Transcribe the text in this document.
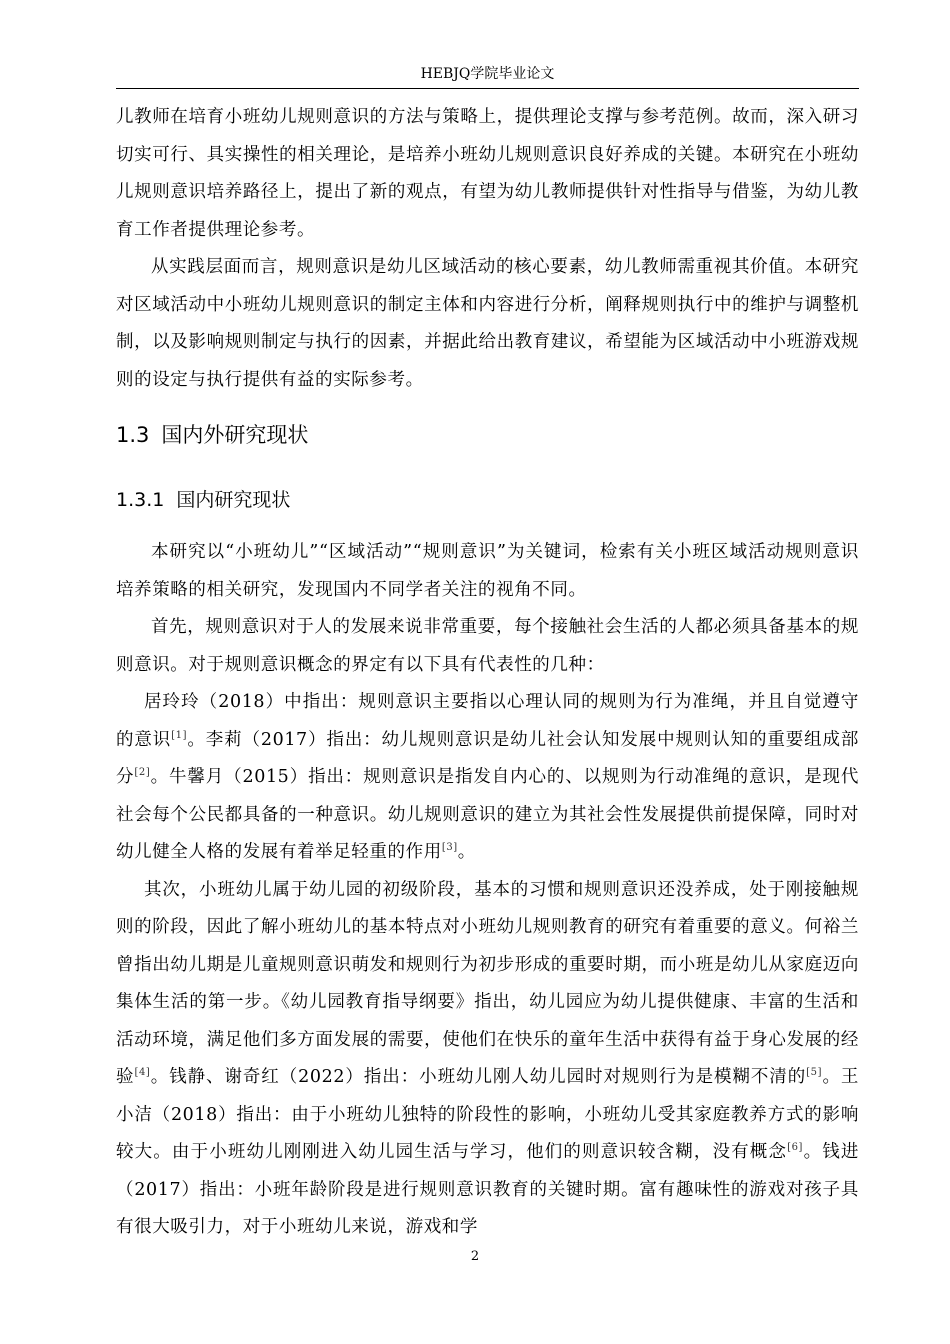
HEBJQ学院毕业论文

儿教师在培育小班幼儿规则意识的方法与策略上，提供理论支撑与参考范例。故而，深入研习切实可行、具实操性的相关理论，是培养小班幼儿规则意识良好养成的关键。本研究在小班幼儿规则意识培养路径上，提出了新的观点，有望为幼儿教师提供针对性指导与借鉴，为幼儿教育工作者提供理论参考。

从实践层面而言，规则意识是幼儿区域活动的核心要素，幼儿教师需重视其价值。本研究对区域活动中小班幼儿规则意识的制定主体和内容进行分析，阐释规则执行中的维护与调整机制，以及影响规则制定与执行的因素，并据此给出教育建议，希望能为区域活动中小班游戏规则的设定与执行提供有益的实际参考。

1.3 国内外研究现状
1.3.1 国内研究现状

本研究以“小班幼儿”“区域活动”“规则意识”为关键词，检索有关小班区域活动规则意识培养策略的相关研究，发现国内不同学者关注的视角不同。

首先，规则意识对于人的发展来说非常重要，每个接触社会生活的人都必须具备基本的规则意识。对于规则意识概念的界定有以下具有代表性的几种：

居玲玲（2018）中指出：规则意识主要指以心理认同的规则为行为准绳，并且自觉遵守的意识[1]。李莉（2017）指出：幼儿规则意识是幼儿社会认知发展中规则认知的重要组成部分[2]。牛馨月（2015）指出：规则意识是指发自内心的、以规则为行动准绳的意识，是现代社会每个公民都具备的一种意识。幼儿规则意识的建立为其社会性发展提供前提保障，同时对幼儿健全人格的发展有着举足轻重的作用[3]。

其次，小班幼儿属于幼儿园的初级阶段，基本的习惯和规则意识还没养成，处于刚接触规则的阶段，因此了解小班幼儿的基本特点对小班幼儿规则教育的研究有着重要的意义。何裕兰曾指出幼儿期是儿童规则意识萌发和规则行为初步形成的重要时期，而小班是幼儿从家庭迈向集体生活的第一步。《幼儿园教育指导纲要》指出，幼儿园应为幼儿提供健康、丰富的生活和活动环境，满足他们多方面发展的需要，使他们在快乐的童年生活中获得有益于身心发展的经验[4]。钱静、谢奇红（2022）指出：小班幼儿刚人幼儿园时对规则行为是模糊不清的[5]。王小洁（2018）指出：由于小班幼儿独特的阶段性的影响，小班幼儿受其家庭教养方式的影响较大。由于小班幼儿刚刚进入幼儿园生活与学习，他们的则意识较含糊，没有概念[6]。钱进（2017）指出：小班年龄阶段是进行规则意识教育的关键时期。富有趣味性的游戏对孩子具有很大吸引力，对于小班幼儿来说，游戏和学

2
